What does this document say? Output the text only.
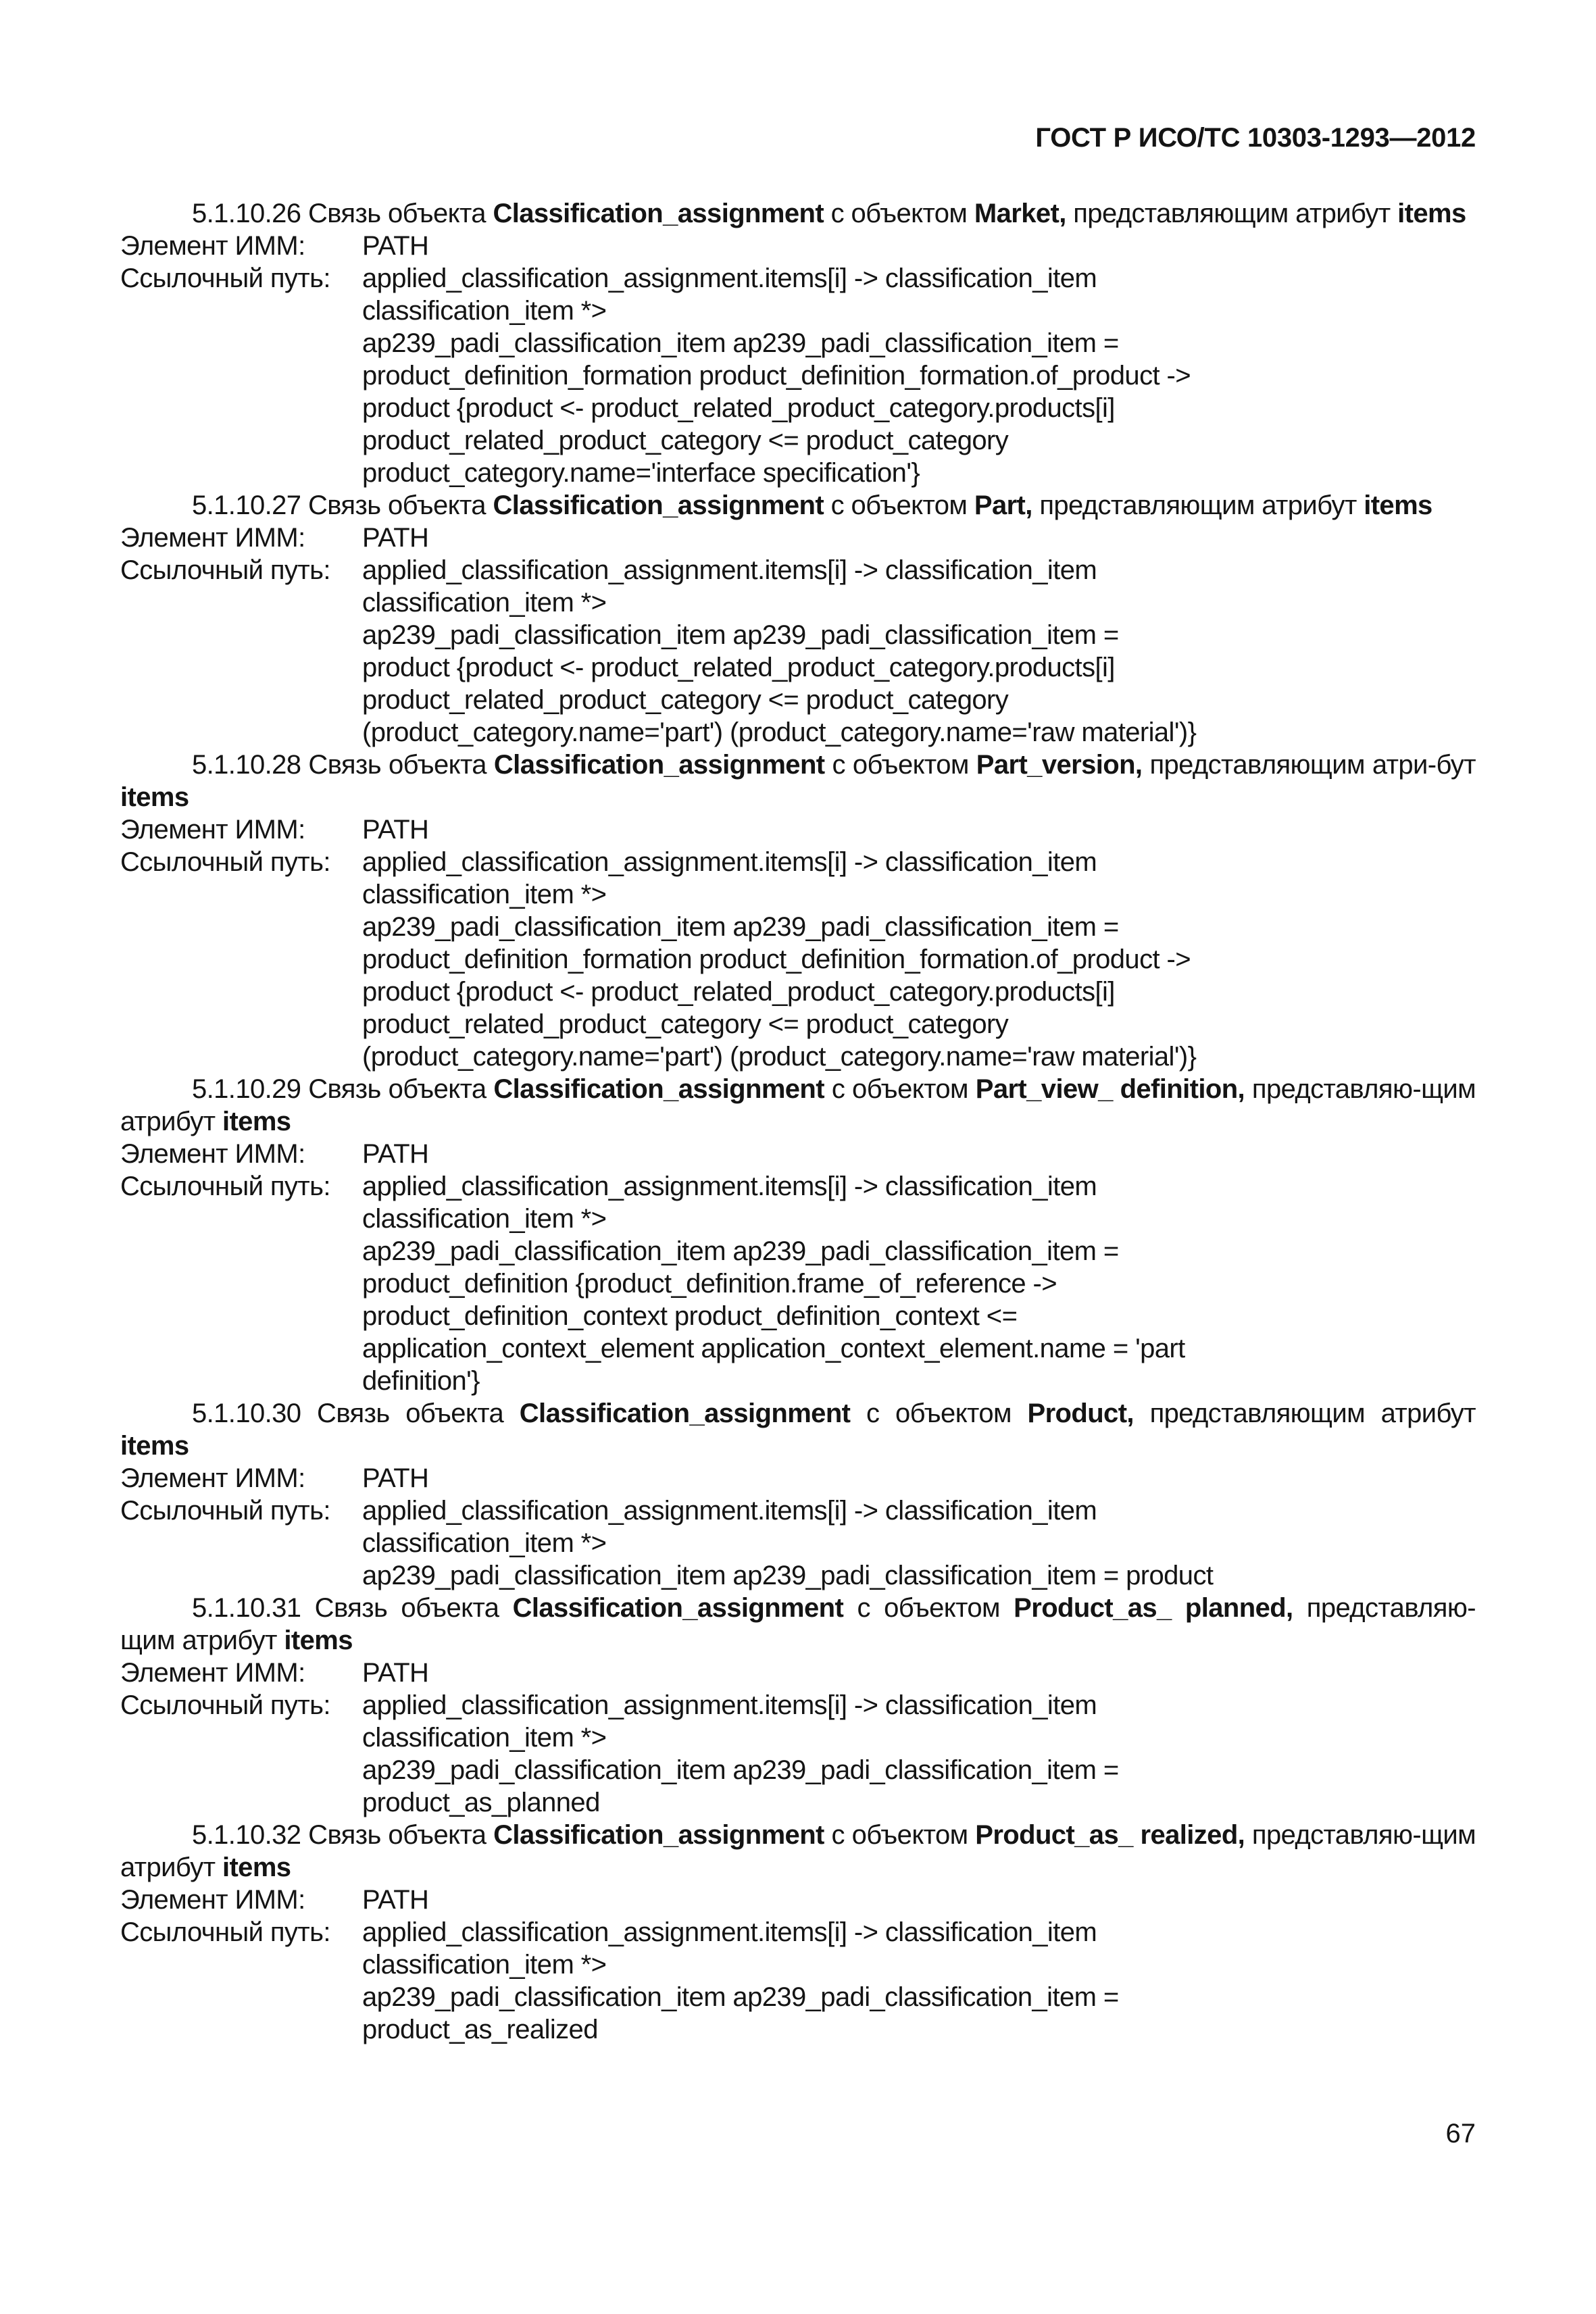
ГОСТ Р ИСО/ТС 10303-1293—2012
5.1.10.26 Связь объекта Classification_assignment с объектом Market, представляющим атрибут items
Элемент ИММ:	PATH
Ссылочный путь:	applied_classification_assignment.items[i] -> classification_item
classification_item *>
ap239_padi_classification_item ap239_padi_classification_item =
product_definition_formation product_definition_formation.of_product ->
product {product <- product_related_product_category.products[i]
product_related_product_category <= product_category
product_category.name='interface specification'}
5.1.10.27 Связь объекта Classification_assignment с объектом Part, представляющим атрибут items
Элемент ИММ:	PATH
Ссылочный путь:	applied_classification_assignment.items[i] -> classification_item
classification_item *>
ap239_padi_classification_item ap239_padi_classification_item =
product {product <- product_related_product_category.products[i]
product_related_product_category <= product_category
(product_category.name='part') (product_category.name='raw material')}
5.1.10.28 Связь объекта Classification_assignment с объектом Part_version, представляющим атри-бут items
Элемент ИММ:	PATH
Ссылочный путь:	applied_classification_assignment.items[i] -> classification_item
classification_item *>
ap239_padi_classification_item ap239_padi_classification_item =
product_definition_formation product_definition_formation.of_product ->
product {product <- product_related_product_category.products[i]
product_related_product_category <= product_category
(product_category.name='part') (product_category.name='raw material')}
5.1.10.29 Связь объекта Classification_assignment с объектом Part_view_ definition, представляю-щим атрибут items
Элемент ИММ:	PATH
Ссылочный путь:	applied_classification_assignment.items[i] -> classification_item
classification_item *>
ap239_padi_classification_item ap239_padi_classification_item =
product_definition {product_definition.frame_of_reference ->
product_definition_context product_definition_context <=
application_context_element application_context_element.name = 'part
definition'}
5.1.10.30 Связь объекта Classification_assignment с объектом Product, представляющим атрибут items
Элемент ИММ:	PATH
Ссылочный путь:	applied_classification_assignment.items[i] -> classification_item
classification_item *>
ap239_padi_classification_item ap239_padi_classification_item = product
5.1.10.31 Связь объекта Classification_assignment с объектом Product_as_ planned, представляю-щим атрибут items
Элемент ИММ:	PATH
Ссылочный путь:	applied_classification_assignment.items[i] -> classification_item
classification_item *>
ap239_padi_classification_item ap239_padi_classification_item =
product_as_planned
5.1.10.32 Связь объекта Classification_assignment с объектом Product_as_ realized, представляю-щим атрибут items
Элемент ИММ:	PATH
Ссылочный путь:	applied_classification_assignment.items[i] -> classification_item
classification_item *>
ap239_padi_classification_item ap239_padi_classification_item =
product_as_realized
67
